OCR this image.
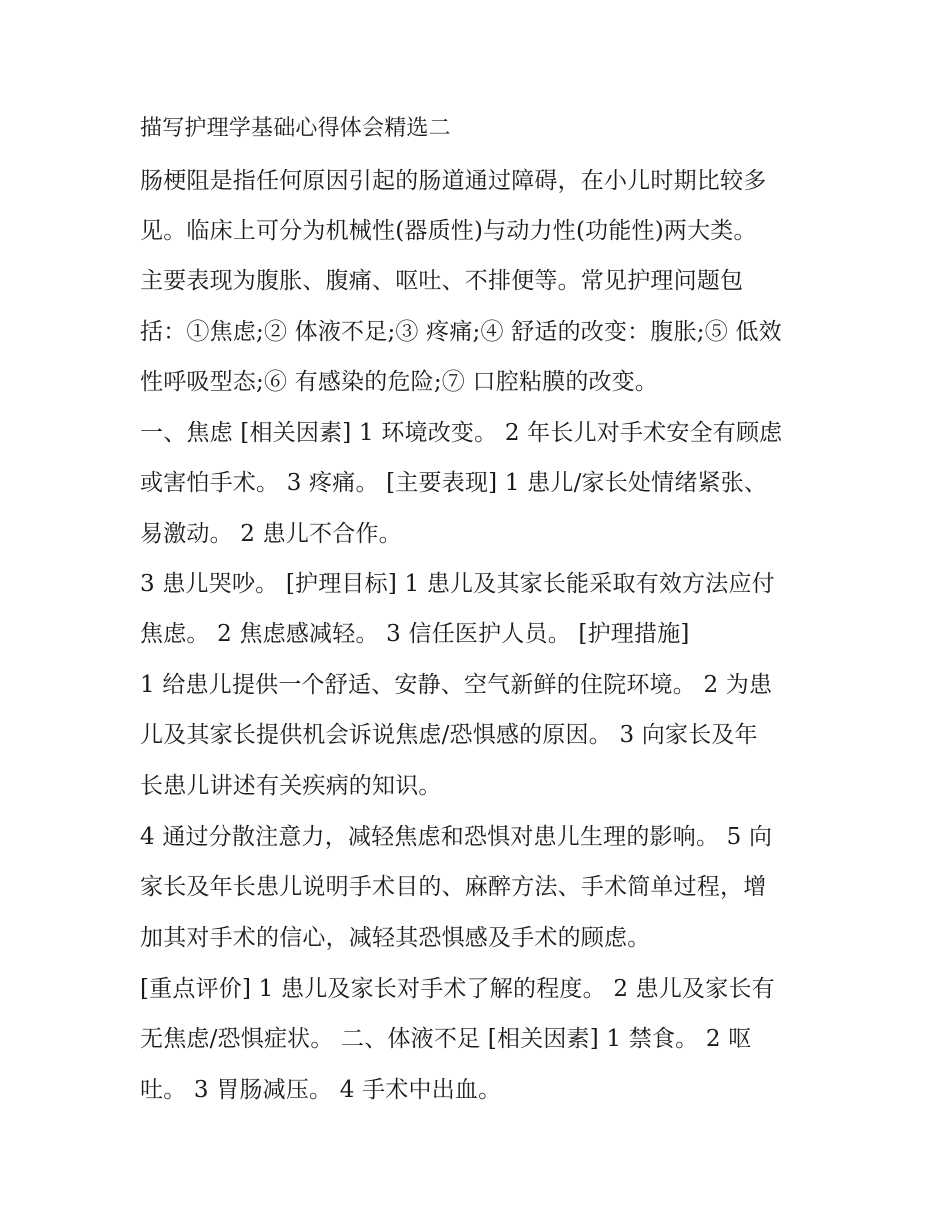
描写护理学基础心得体会精选二
肠梗阻是指任何原因引起的肠道通过障碍，在小儿时期比较多
见。临床上可分为机械性(器质性)与动力性(功能性)两大类。
主要表现为腹胀、腹痛、呕吐、不排便等。常见护理问题包
括：①焦虑;② 体液不足;③ 疼痛;④ 舒适的改变：腹胀;⑤ 低效
性呼吸型态;⑥ 有感染的危险;⑦ 口腔粘膜的改变。
一、焦虑 [相关因素] 1 环境改变。 2 年长儿对手术安全有顾虑
或害怕手术。 3 疼痛。 [主要表现] 1 患儿/家长处情绪紧张、
易激动。 2 患儿不合作。
3 患儿哭吵。 [护理目标] 1 患儿及其家长能采取有效方法应付
焦虑。 2 焦虑感减轻。 3 信任医护人员。 [护理措施]
1 给患儿提供一个舒适、安静、空气新鲜的住院环境。 2 为患
儿及其家长提供机会诉说焦虑/恐惧感的原因。 3 向家长及年
长患儿讲述有关疾病的知识。
4 通过分散注意力，减轻焦虑和恐惧对患儿生理的影响。 5 向
家长及年长患儿说明手术目的、麻醉方法、手术简单过程，增
加其对手术的信心，减轻其恐惧感及手术的顾虑。
[重点评价] 1 患儿及家长对手术了解的程度。 2 患儿及家长有
无焦虑/恐惧症状。 二、体液不足 [相关因素] 1 禁食。 2 呕
吐。 3 胃肠减压。 4 手术中出血。
